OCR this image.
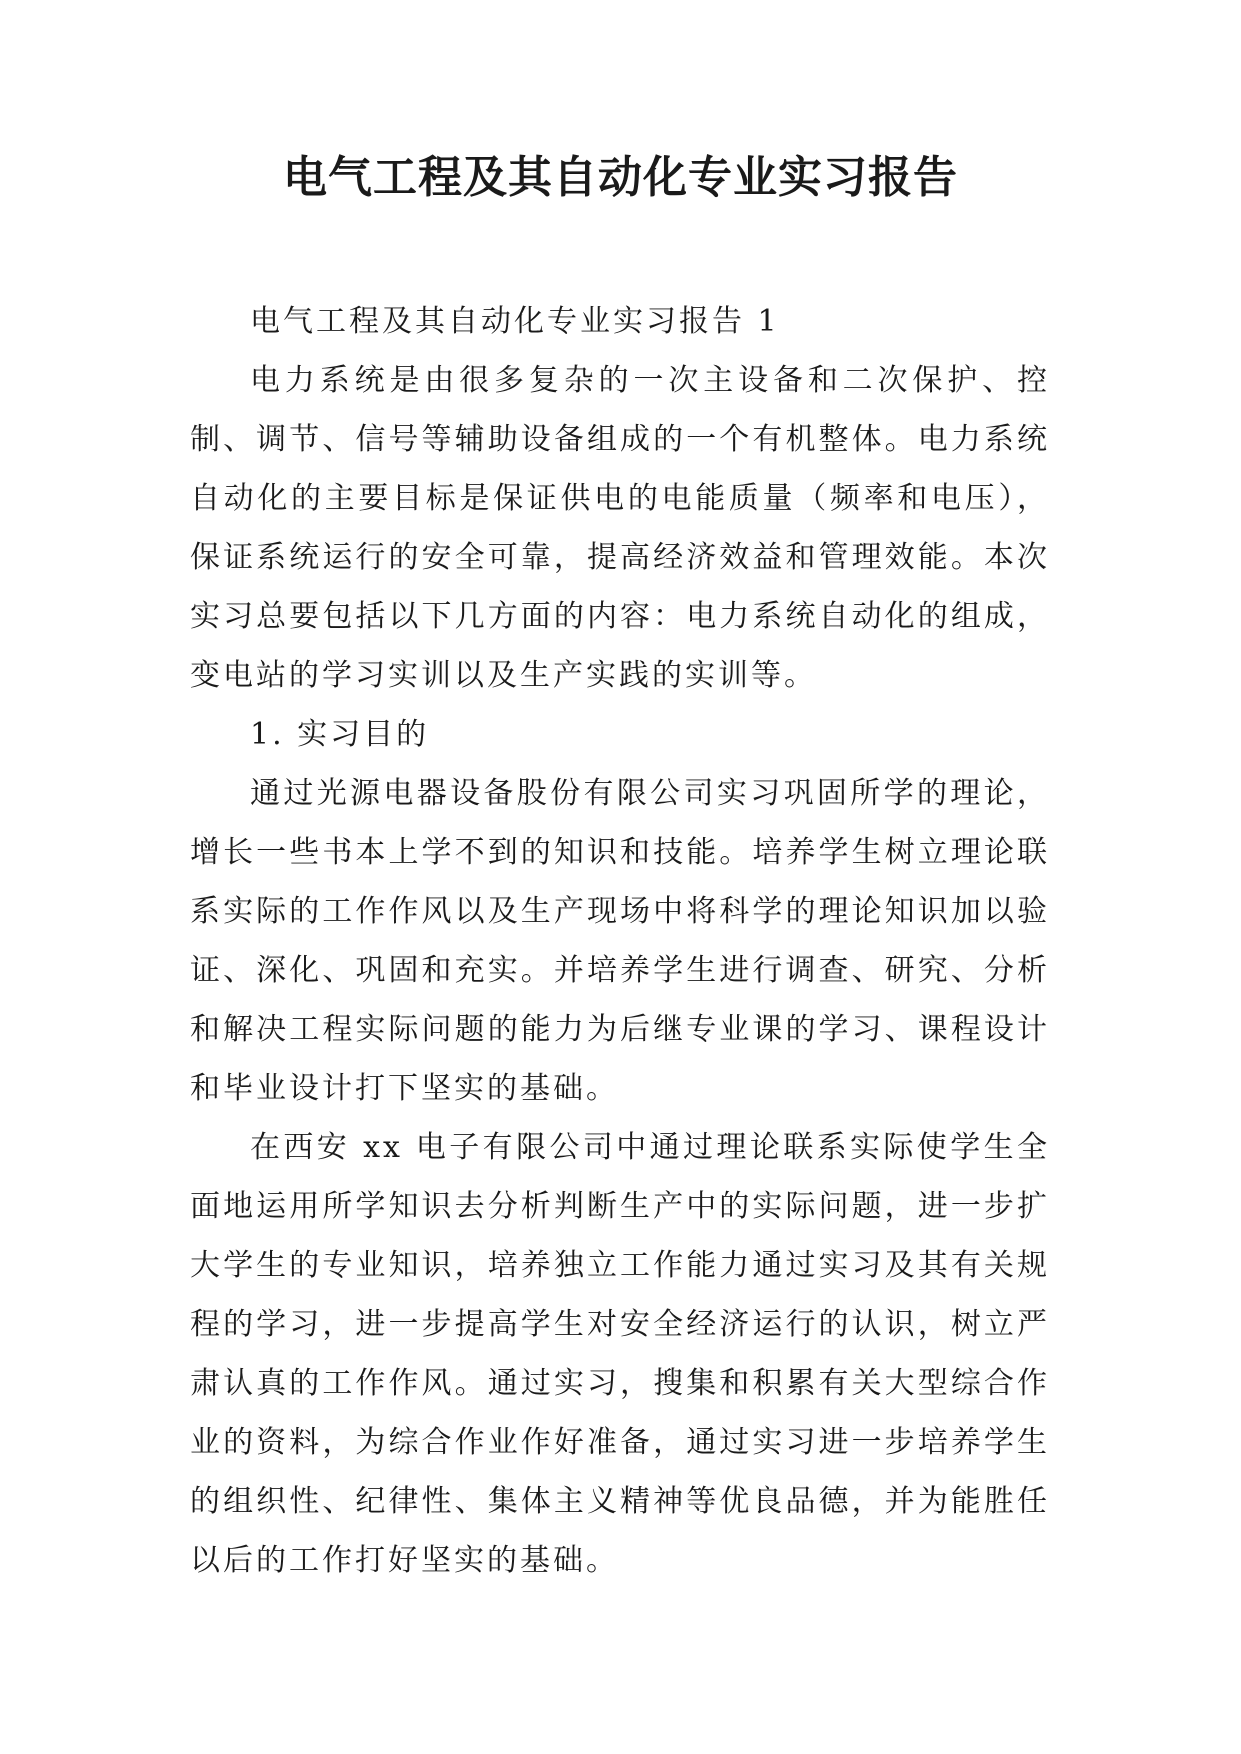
电气工程及其自动化专业实习报告

电气工程及其自动化专业实习报告 1

电力系统是由很多复杂的一次主设备和二次保护、控制、调节、信号等辅助设备组成的一个有机整体。电力系统自动化的主要目标是保证供电的电能质量（频率和电压），保证系统运行的安全可靠，提高经济效益和管理效能。本次实习总要包括以下几方面的内容：电力系统自动化的组成，变电站的学习实训以及生产实践的实训等。

1. 实习目的

通过光源电器设备股份有限公司实习巩固所学的理论，增长一些书本上学不到的知识和技能。培养学生树立理论联系实际的工作作风以及生产现场中将科学的理论知识加以验证、深化、巩固和充实。并培养学生进行调查、研究、分析和解决工程实际问题的能力为后继专业课的学习、课程设计和毕业设计打下坚实的基础。

在西安 xx 电子有限公司中通过理论联系实际使学生全面地运用所学知识去分析判断生产中的实际问题，进一步扩大学生的专业知识，培养独立工作能力通过实习及其有关规程的学习，进一步提高学生对安全经济运行的认识，树立严肃认真的工作作风。通过实习，搜集和积累有关大型综合作业的资料，为综合作业作好准备，通过实习进一步培养学生的组织性、纪律性、集体主义精神等优良品德，并为能胜任以后的工作打好坚实的基础。
